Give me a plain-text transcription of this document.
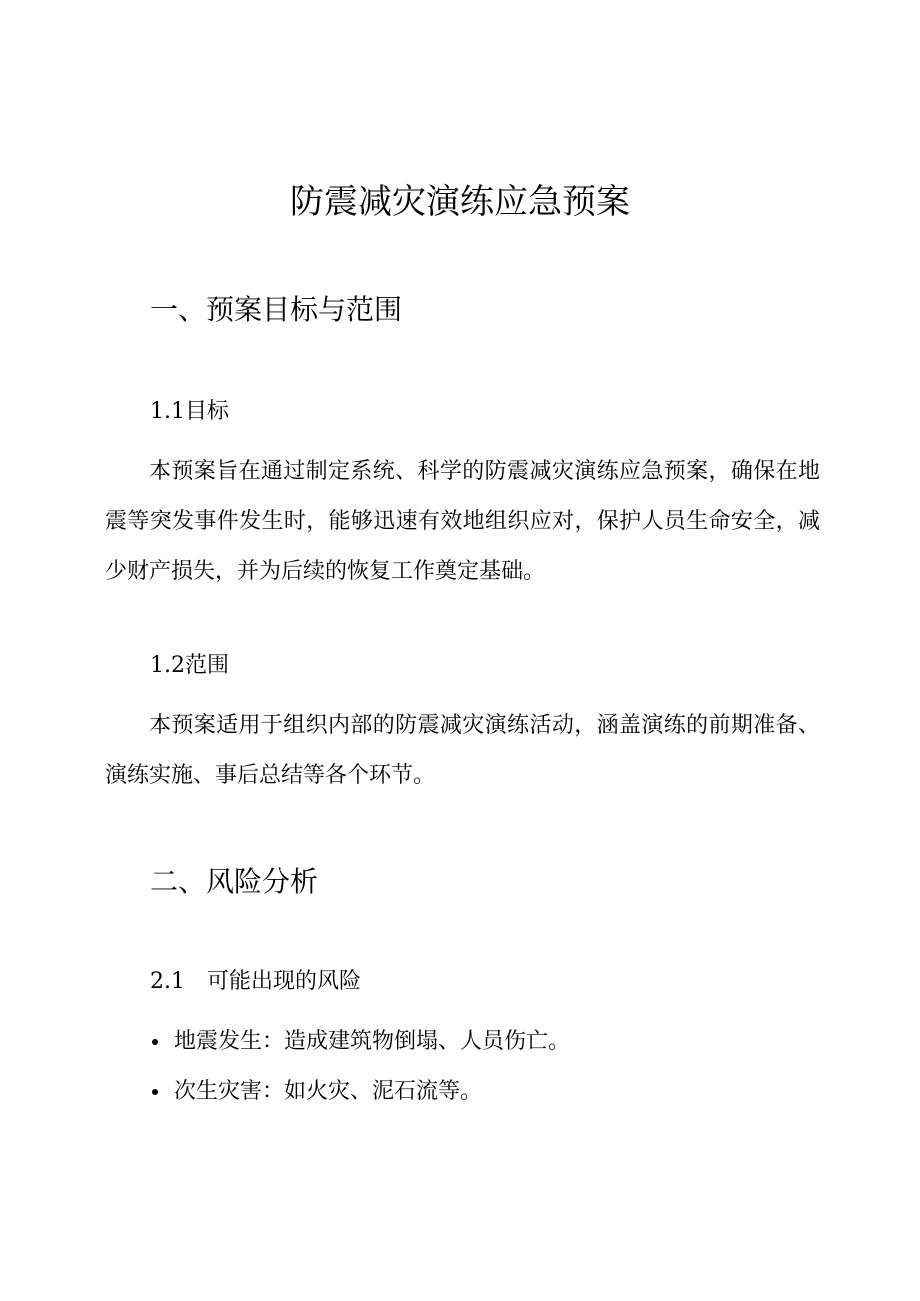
防震减灾演练应急预案
一、预案目标与范围
1.1目标

本预案旨在通过制定系统、科学的防震减灾演练应急预案，确保在地震等突发事件发生时，能够迅速有效地组织应对，保护人员生命安全，减少财产损失，并为后续的恢复工作奠定基础。

1.2范围

本预案适用于组织内部的防震减灾演练活动，涵盖演练的前期准备、演练实施、事后总结等各个环节。

二、风险分析
2.1　可能出现的风险
地震发生：造成建筑物倒塌、人员伤亡。
次生灾害：如火灾、泥石流等。
